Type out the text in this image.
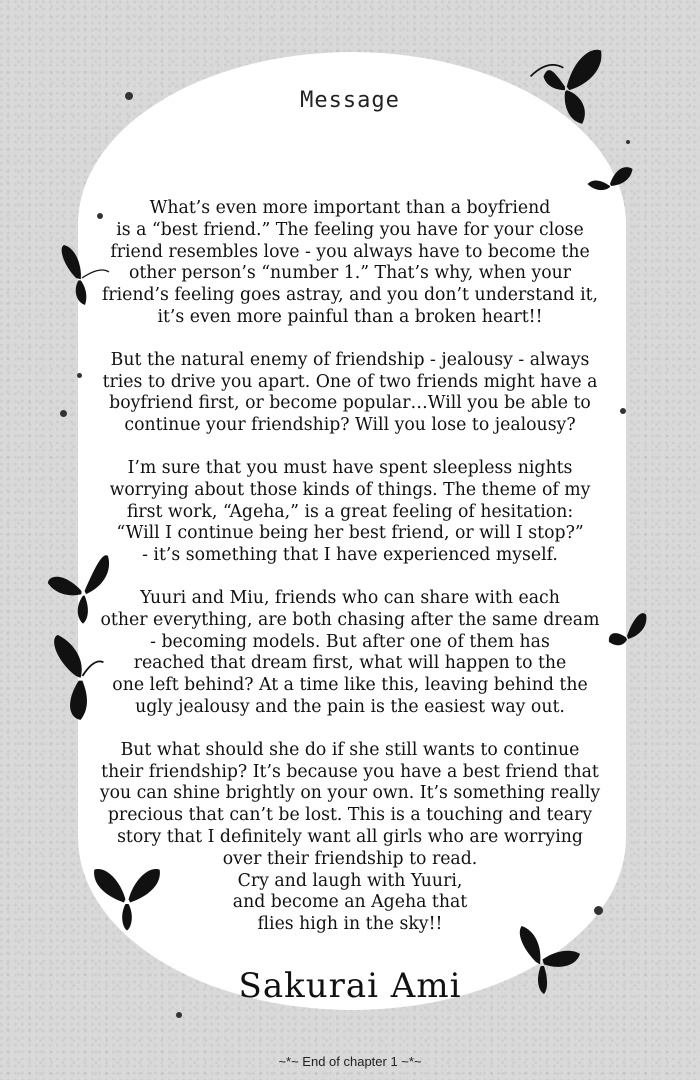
Message

What’s even more important than a boyfriend
is a “best friend.” The feeling you have for your close
friend resembles love - you always have to become the
other person’s “number 1.” That’s why, when your
friend’s feeling goes astray, and you don’t understand it,
it’s even more painful than a broken heart!!

But the natural enemy of friendship - jealousy - always
tries to drive you apart. One of two friends might have a
boyfriend first, or become popular…Will you be able to
continue your friendship? Will you lose to jealousy?

I’m sure that you must have spent sleepless nights
worrying about those kinds of things. The theme of my
first work, “Ageha,” is a great feeling of hesitation:
“Will I continue being her best friend, or will I stop?”
- it’s something that I have experienced myself.

Yuuri and Miu, friends who can share with each
other everything, are both chasing after the same dream
- becoming models. But after one of them has
reached that dream first, what will happen to the
one left behind? At a time like this, leaving behind the
ugly jealousy and the pain is the easiest way out.

But what should she do if she still wants to continue
their friendship? It’s because you have a best friend that
you can shine brightly on your own. It’s something really
precious that can’t be lost. This is a touching and teary
story that I definitely want all girls who are worrying
over their friendship to read.
Cry and laugh with Yuuri,
and become an Ageha that
flies high in the sky!!

Sakurai Ami
~*~ End of chapter 1 ~*~
